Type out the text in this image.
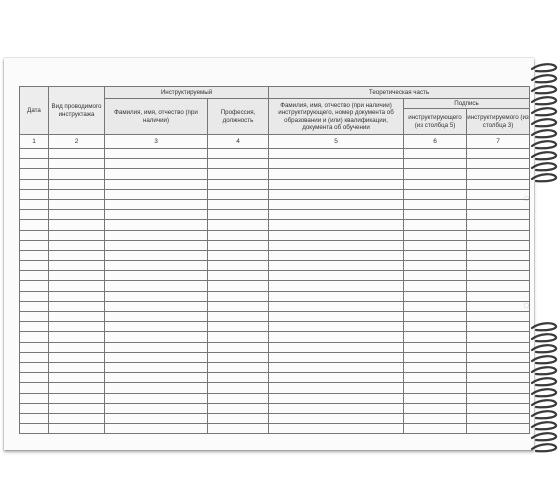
Дата	Вид проводимого инструктажа	Инструктируемый		Теоретическая часть		
		Фамилия, имя, отчество (при наличии)	Профессия, должность	Фамилия, имя, отчество (при наличии) инструктирующего, номер документа об образовании и (или) квалификации, документа об обучении	Подпись	
					инструктирующего (из столбца 5)	инструктируемого (из столбца 3)
1	2	3	4	5	6	7
